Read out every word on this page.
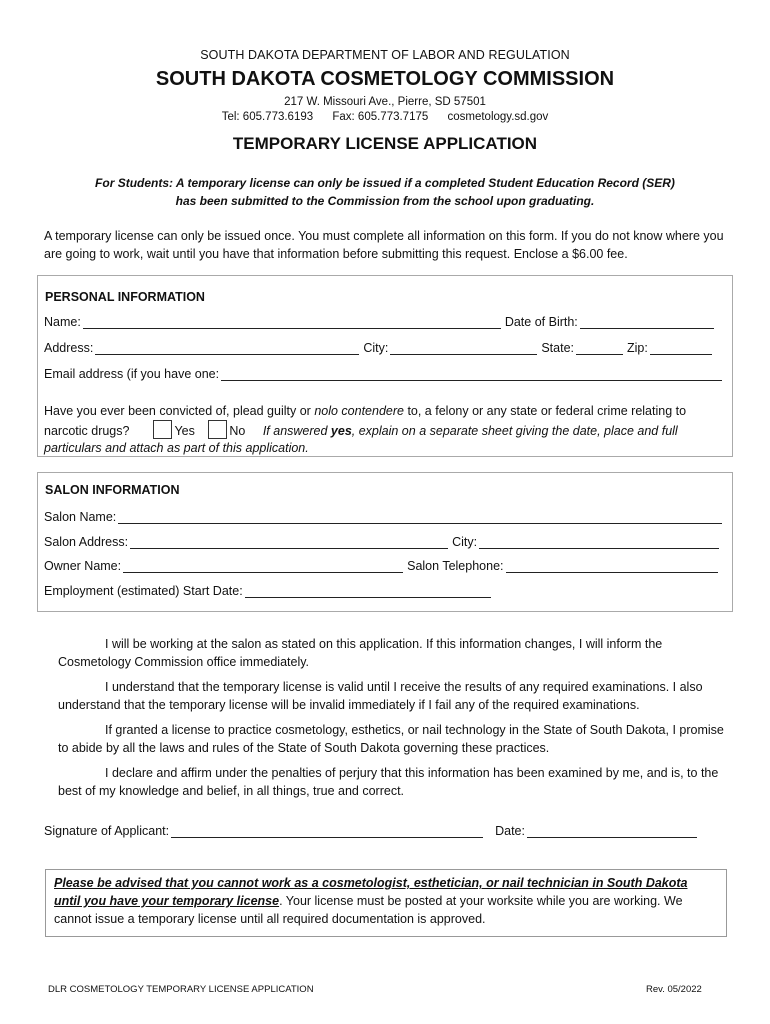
SOUTH DAKOTA DEPARTMENT OF LABOR AND REGULATION
SOUTH DAKOTA COSMETOLOGY COMMISSION
217 W. Missouri Ave., Pierre, SD 57501
Tel: 605.773.6193 Fax: 605.773.7175 cosmetology.sd.gov
TEMPORARY LICENSE APPLICATION
For Students: A temporary license can only be issued if a completed Student Education Record (SER)
has been submitted to the Commission from the school upon graduating.
A temporary license can only be issued once. You must complete all information on this form. If you do not know where you are going to work, wait until you have that information before submitting this request. Enclose a $6.00 fee.
PERSONAL INFORMATION
Name:	Date of Birth:
Address:	City:	State:	Zip:
Email address (if you have one:
Have you ever been convicted of, plead guilty or nolo contendere to, a felony or any state or federal crime relating to
narcotic drugs?	Yes	No If answered yes, explain on a separate sheet giving the date, place and full
particulars and attach as part of this application.
SALON INFORMATION
Salon Name:
Salon Address:	City:
Owner Name:	Salon Telephone:
Employment (estimated) Start Date:
I will be working at the salon as stated on this application. If this information changes, I will inform the Cosmetology Commission office immediately.
I understand that the temporary license is valid until I receive the results of any required examinations. I also understand that the temporary license will be invalid immediately if I fail any of the required examinations.
If granted a license to practice cosmetology, esthetics, or nail technology in the State of South Dakota, I promise to abide by all the laws and rules of the State of South Dakota governing these practices.
I declare and affirm under the penalties of perjury that this information has been examined by me, and is, to the best of my knowledge and belief, in all things, true and correct.
Signature of Applicant:	Date:
Please be advised that you cannot work as a cosmetologist, esthetician, or nail technician in South Dakota until you have your temporary license. Your license must be posted at your worksite while you are working. We cannot issue a temporary license until all required documentation is approved.
DLR COSMETOLOGY TEMPORARY LICENSE APPLICATION	Rev. 05/2022
